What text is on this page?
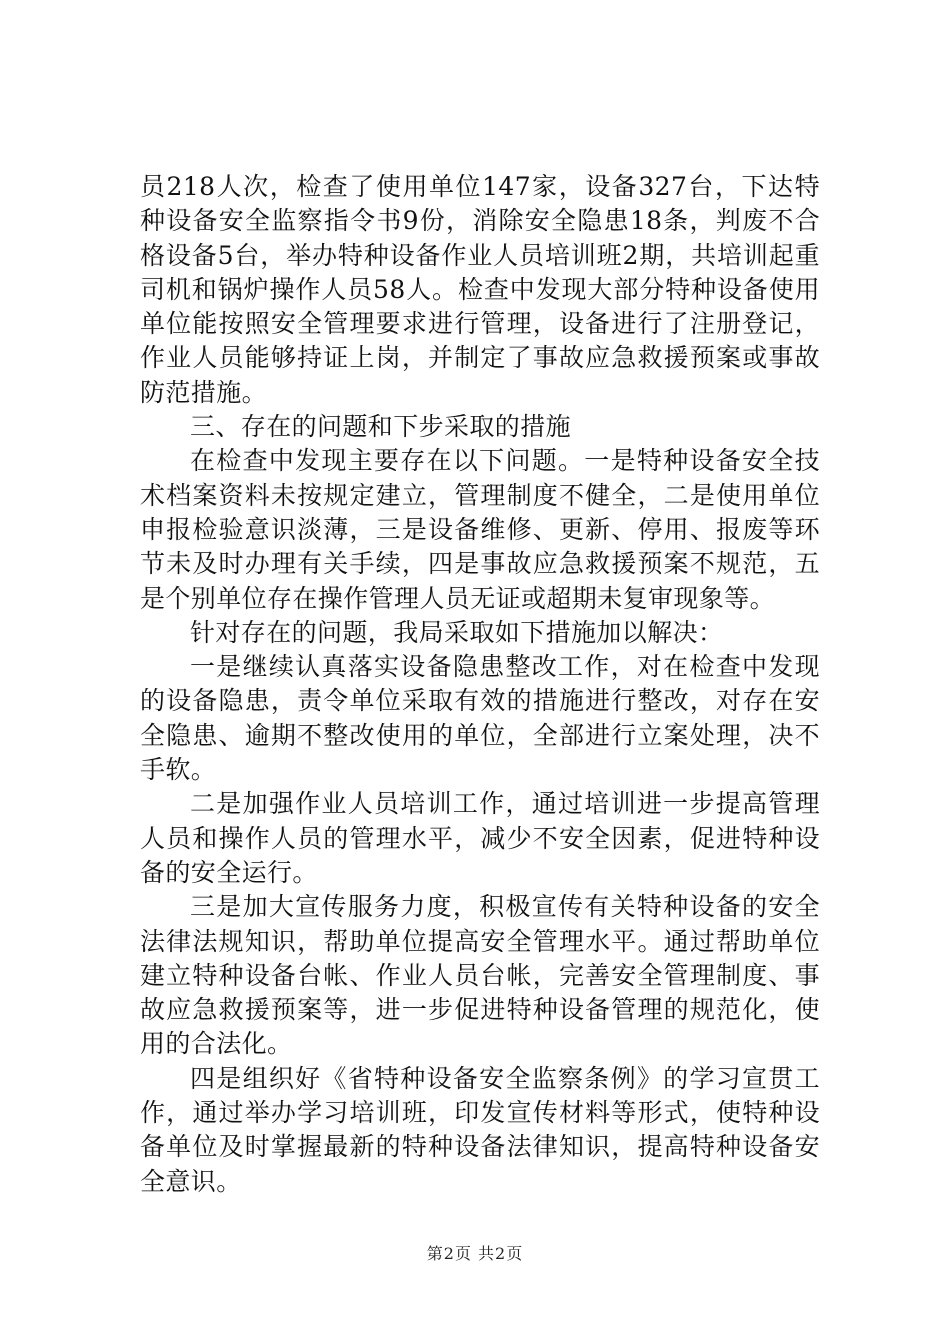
员218人次，检查了使用单位147家，设备327台，下达特种设备安全监察指令书9份，消除安全隐患18条，判废不合格设备5台，举办特种设备作业人员培训班2期，共培训起重司机和锅炉操作人员58人。检查中发现大部分特种设备使用单位能按照安全管理要求进行管理，设备进行了注册登记，作业人员能够持证上岗，并制定了事故应急救援预案或事故防范措施。

三、存在的问题和下步采取的措施

在检查中发现主要存在以下问题。一是特种设备安全技术档案资料未按规定建立，管理制度不健全，二是使用单位申报检验意识淡薄，三是设备维修、更新、停用、报废等环节未及时办理有关手续，四是事故应急救援预案不规范，五是个别单位存在操作管理人员无证或超期未复审现象等。

针对存在的问题，我局采取如下措施加以解决：

一是继续认真落实设备隐患整改工作，对在检查中发现的设备隐患，责令单位采取有效的措施进行整改，对存在安全隐患、逾期不整改使用的单位，全部进行立案处理，决不手软。

二是加强作业人员培训工作，通过培训进一步提高管理人员和操作人员的管理水平，减少不安全因素，促进特种设备的安全运行。

三是加大宣传服务力度，积极宣传有关特种设备的安全法律法规知识，帮助单位提高安全管理水平。通过帮助单位建立特种设备台帐、作业人员台帐，完善安全管理制度、事故应急救援预案等，进一步促进特种设备管理的规范化，使用的合法化。

四是组织好《省特种设备安全监察条例》的学习宣贯工作，通过举办学习培训班，印发宣传材料等形式，使特种设备单位及时掌握最新的特种设备法律知识，提高特种设备安全意识。

第2页 共2页
